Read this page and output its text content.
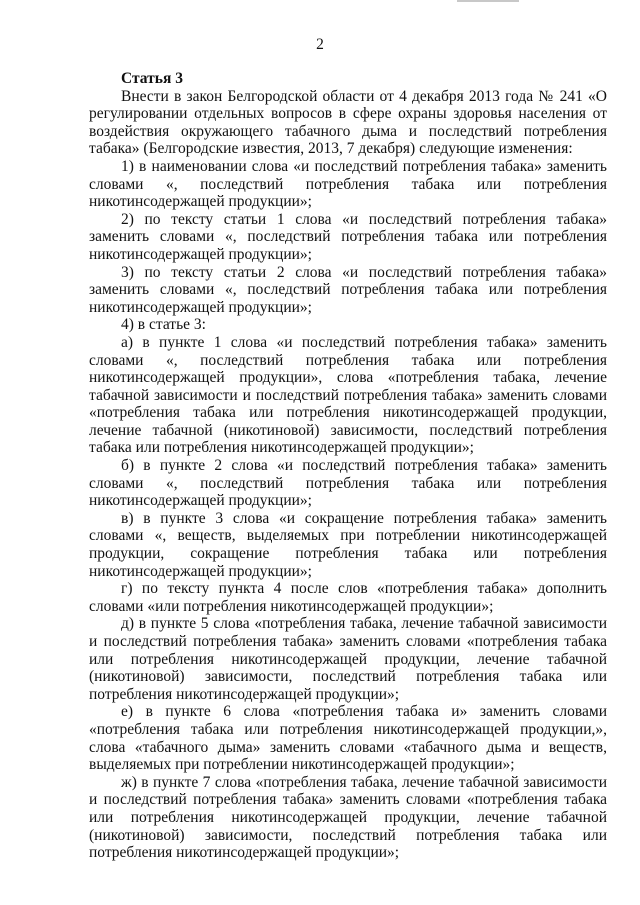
2
Статья 3

Внести в закон Белгородской области от 4 декабря 2013 года № 241 «О регулировании отдельных вопросов в сфере охраны здоровья населения от воздействия окружающего табачного дыма и последствий потребления табака» (Белгородские известия, 2013, 7 декабря) следующие изменения:

1) в наименовании слова «и последствий потребления табака» заменить словами «, последствий потребления табака или потребления никотинсодержащей продукции»;

2) по тексту статьи 1 слова «и последствий потребления табака» заменить словами «, последствий потребления табака или потребления никотинсодержащей продукции»;

3) по тексту статьи 2 слова «и последствий потребления табака» заменить словами «, последствий потребления табака или потребления никотинсодержащей продукции»;

4) в статье 3:

а) в пункте 1 слова «и последствий потребления табака» заменить словами «, последствий потребления табака или потребления никотинсодержащей продукции», слова «потребления табака, лечение табачной зависимости и последствий потребления табака» заменить словами «потребления табака или потребления никотинсодержащей продукции, лечение табачной (никотиновой) зависимости, последствий потребления табака или потребления никотинсодержащей продукции»;

б) в пункте 2 слова «и последствий потребления табака» заменить словами «, последствий потребления табака или потребления никотинсодержащей продукции»;

в) в пункте 3 слова «и сокращение потребления табака» заменить словами «, веществ, выделяемых при потреблении никотинсодержащей продукции, сокращение потребления табака или потребления никотинсодержащей продукции»;

г) по тексту пункта 4 после слов «потребления табака» дополнить словами «или потребления никотинсодержащей продукции»;

д) в пункте 5 слова «потребления табака, лечение табачной зависимости и последствий потребления табака» заменить словами «потребления табака или потребления никотинсодержащей продукции, лечение табачной (никотиновой) зависимости, последствий потребления табака или потребления никотинсодержащей продукции»;

е) в пункте 6 слова «потребления табака и» заменить словами «потребления табака или потребления никотинсодержащей продукции,», слова «табачного дыма» заменить словами «табачного дыма и веществ, выделяемых при потреблении никотинсодержащей продукции»;

ж) в пункте 7 слова «потребления табака, лечение табачной зависимости и последствий потребления табака» заменить словами «потребления табака или потребления никотинсодержащей продукции, лечение табачной (никотиновой) зависимости, последствий потребления табака или потребления никотинсодержащей продукции»;
